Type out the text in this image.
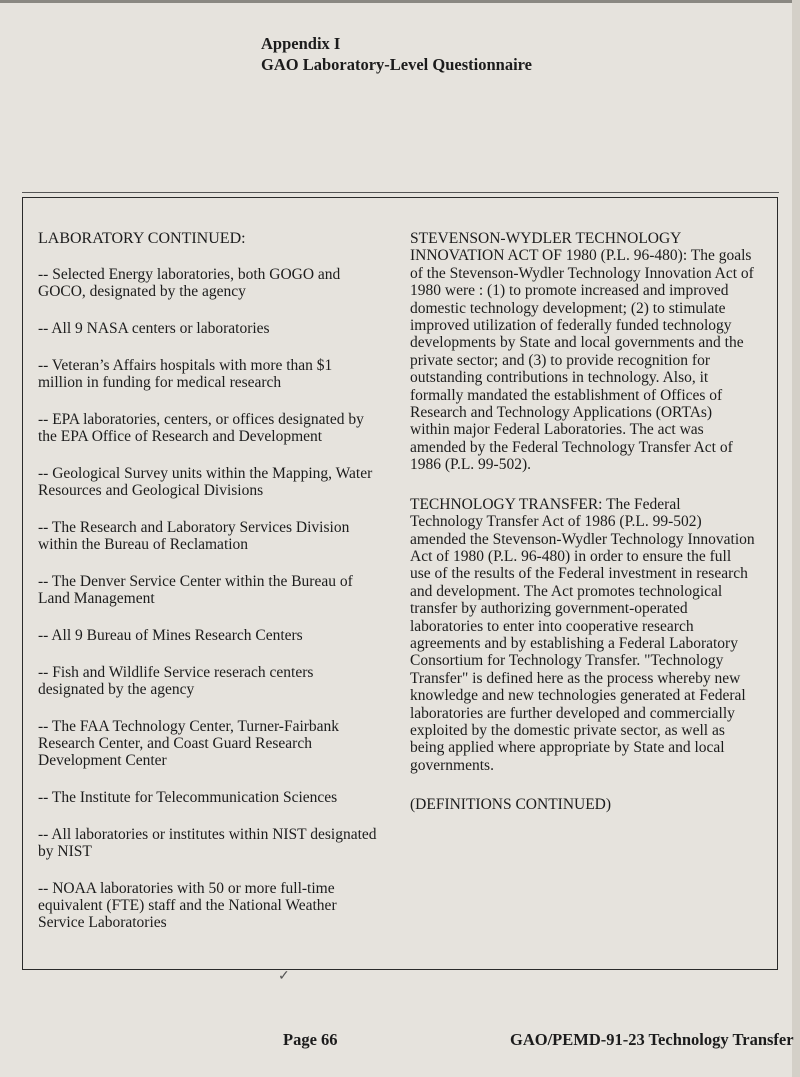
Appendix I
GAO Laboratory-Level Questionnaire
LABORATORY CONTINUED:
-- Selected Energy laboratories, both GOGO and GOCO, designated by the agency
-- All 9 NASA centers or laboratories
-- Veteran’s Affairs hospitals with more than $1 million in funding for medical research
-- EPA laboratories, centers, or offices designated by the EPA Office of Research and Development
-- Geological Survey units within the Mapping, Water Resources and Geological Divisions
-- The Research and Laboratory Services Division within the Bureau of Reclamation
-- The Denver Service Center within the Bureau of Land Management
-- All 9 Bureau of Mines Research Centers
-- Fish and Wildlife Service reserach centers designated by the agency
-- The FAA Technology Center, Turner-Fairbank Research Center, and Coast Guard Research Development Center
-- The Institute for Telecommunication Sciences
-- All laboratories or institutes within NIST designated by NIST
-- NOAA laboratories with 50 or more full-time equivalent (FTE) staff and the National Weather Service Laboratories

STEVENSON-WYDLER TECHNOLOGY INNOVATION ACT OF 1980 (P.L. 96-480): The goals of the Stevenson-Wydler Technology Innovation Act of 1980 were : (1) to promote increased and improved domestic technology development; (2) to stimulate improved utilization of federally funded technology developments by State and local governments and the private sector; and (3) to provide recognition for outstanding contributions in technology. Also, it formally mandated the establishment of Offices of Research and Technology Applications (ORTAs) within major Federal Laboratories. The act was amended by the Federal Technology Transfer Act of 1986 (P.L. 99-502).

TECHNOLOGY TRANSFER: The Federal Technology Transfer Act of 1986 (P.L. 99-502) amended the Stevenson-Wydler Technology Innovation Act of 1980 (P.L. 96-480) in order to ensure the full use of the results of the Federal investment in research and development. The Act promotes technological transfer by authorizing government-operated laboratories to enter into cooperative research agreements and by establishing a Federal Laboratory Consortium for Technology Transfer. "Technology Transfer" is defined here as the process whereby new knowledge and new technologies generated at Federal laboratories are further developed and commercially exploited by the domestic private sector, as well as being applied where appropriate by State and local governments.

(DEFINITIONS CONTINUED)

✓
Page 66	GAO/PEMD-91-23 Technology Transfer
